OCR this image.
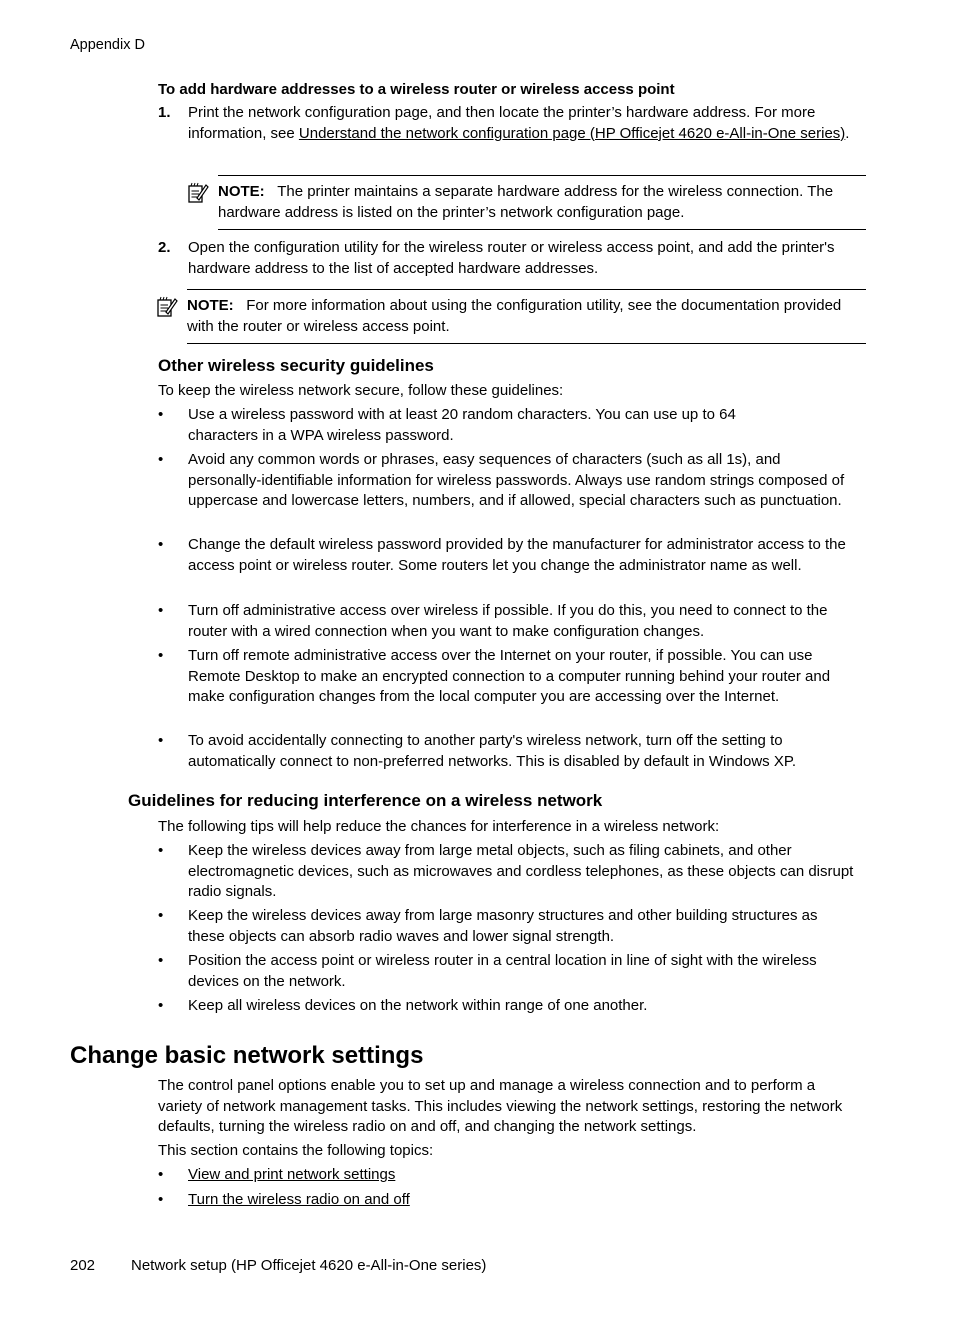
Appendix D
To add hardware addresses to a wireless router or wireless access point
1. Print the network configuration page, and then locate the printer’s hardware address. For more information, see Understand the network configuration page (HP Officejet 4620 e-All-in-One series).
NOTE: The printer maintains a separate hardware address for the wireless connection. The hardware address is listed on the printer’s network configuration page.
2. Open the configuration utility for the wireless router or wireless access point, and add the printer's hardware address to the list of accepted hardware addresses.
NOTE: For more information about using the configuration utility, see the documentation provided with the router or wireless access point.
Other wireless security guidelines
To keep the wireless network secure, follow these guidelines:
• Use a wireless password with at least 20 random characters. You can use up to 64 characters in a WPA wireless password.
• Avoid any common words or phrases, easy sequences of characters (such as all 1s), and personally-identifiable information for wireless passwords. Always use random strings composed of uppercase and lowercase letters, numbers, and if allowed, special characters such as punctuation.
• Change the default wireless password provided by the manufacturer for administrator access to the access point or wireless router. Some routers let you change the administrator name as well.
• Turn off administrative access over wireless if possible. If you do this, you need to connect to the router with a wired connection when you want to make configuration changes.
• Turn off remote administrative access over the Internet on your router, if possible. You can use Remote Desktop to make an encrypted connection to a computer running behind your router and make configuration changes from the local computer you are accessing over the Internet.
• To avoid accidentally connecting to another party's wireless network, turn off the setting to automatically connect to non-preferred networks. This is disabled by default in Windows XP.
Guidelines for reducing interference on a wireless network
The following tips will help reduce the chances for interference in a wireless network:
• Keep the wireless devices away from large metal objects, such as filing cabinets, and other electromagnetic devices, such as microwaves and cordless telephones, as these objects can disrupt radio signals.
• Keep the wireless devices away from large masonry structures and other building structures as these objects can absorb radio waves and lower signal strength.
• Position the access point or wireless router in a central location in line of sight with the wireless devices on the network.
• Keep all wireless devices on the network within range of one another.
Change basic network settings
The control panel options enable you to set up and manage a wireless connection and to perform a variety of network management tasks. This includes viewing the network settings, restoring the network defaults, turning the wireless radio on and off, and changing the network settings.
This section contains the following topics:
• View and print network settings
• Turn the wireless radio on and off
202 Network setup (HP Officejet 4620 e-All-in-One series)
